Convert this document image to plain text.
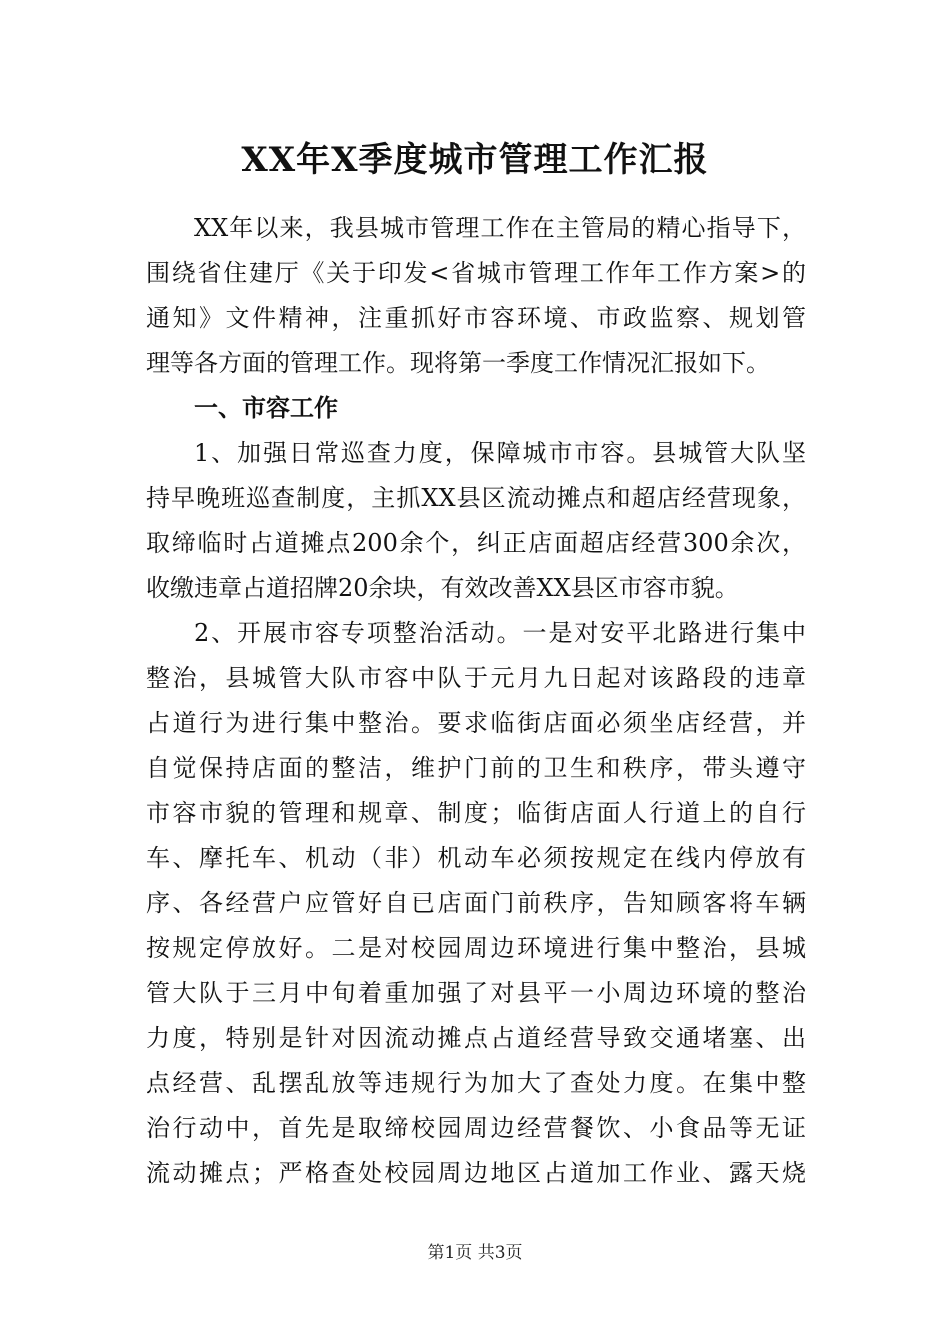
XX年X季度城市管理工作汇报
XX年以来，我县城市管理工作在主管局的精心指导下，
围绕省住建厅《关于印发<省城市管理工作年工作方案>的
通知》文件精神，注重抓好市容环境、市政监察、规划管
理等各方面的管理工作。现将第一季度工作情况汇报如下。
一、市容工作
1、加强日常巡查力度，保障城市市容。县城管大队坚
持早晚班巡查制度，主抓XX县区流动摊点和超店经营现象，
取缔临时占道摊点200余个，纠正店面超店经营300余次，
收缴违章占道招牌20余块，有效改善XX县区市容市貌。
2、开展市容专项整治活动。一是对安平北路进行集中
整治，县城管大队市容中队于元月九日起对该路段的违章
占道行为进行集中整治。要求临街店面必须坐店经营，并
自觉保持店面的整洁，维护门前的卫生和秩序，带头遵守
市容市貌的管理和规章、制度；临街店面人行道上的自行
车、摩托车、机动（非）机动车必须按规定在线内停放有
序、各经营户应管好自已店面门前秩序，告知顾客将车辆
按规定停放好。二是对校园周边环境进行集中整治，县城
管大队于三月中旬着重加强了对县平一小周边环境的整治
力度，特别是针对因流动摊点占道经营导致交通堵塞、出
点经营、乱摆乱放等违规行为加大了查处力度。在集中整
治行动中，首先是取缔校园周边经营餐饮、小食品等无证
流动摊点；严格查处校园周边地区占道加工作业、露天烧
第1页 共3页
